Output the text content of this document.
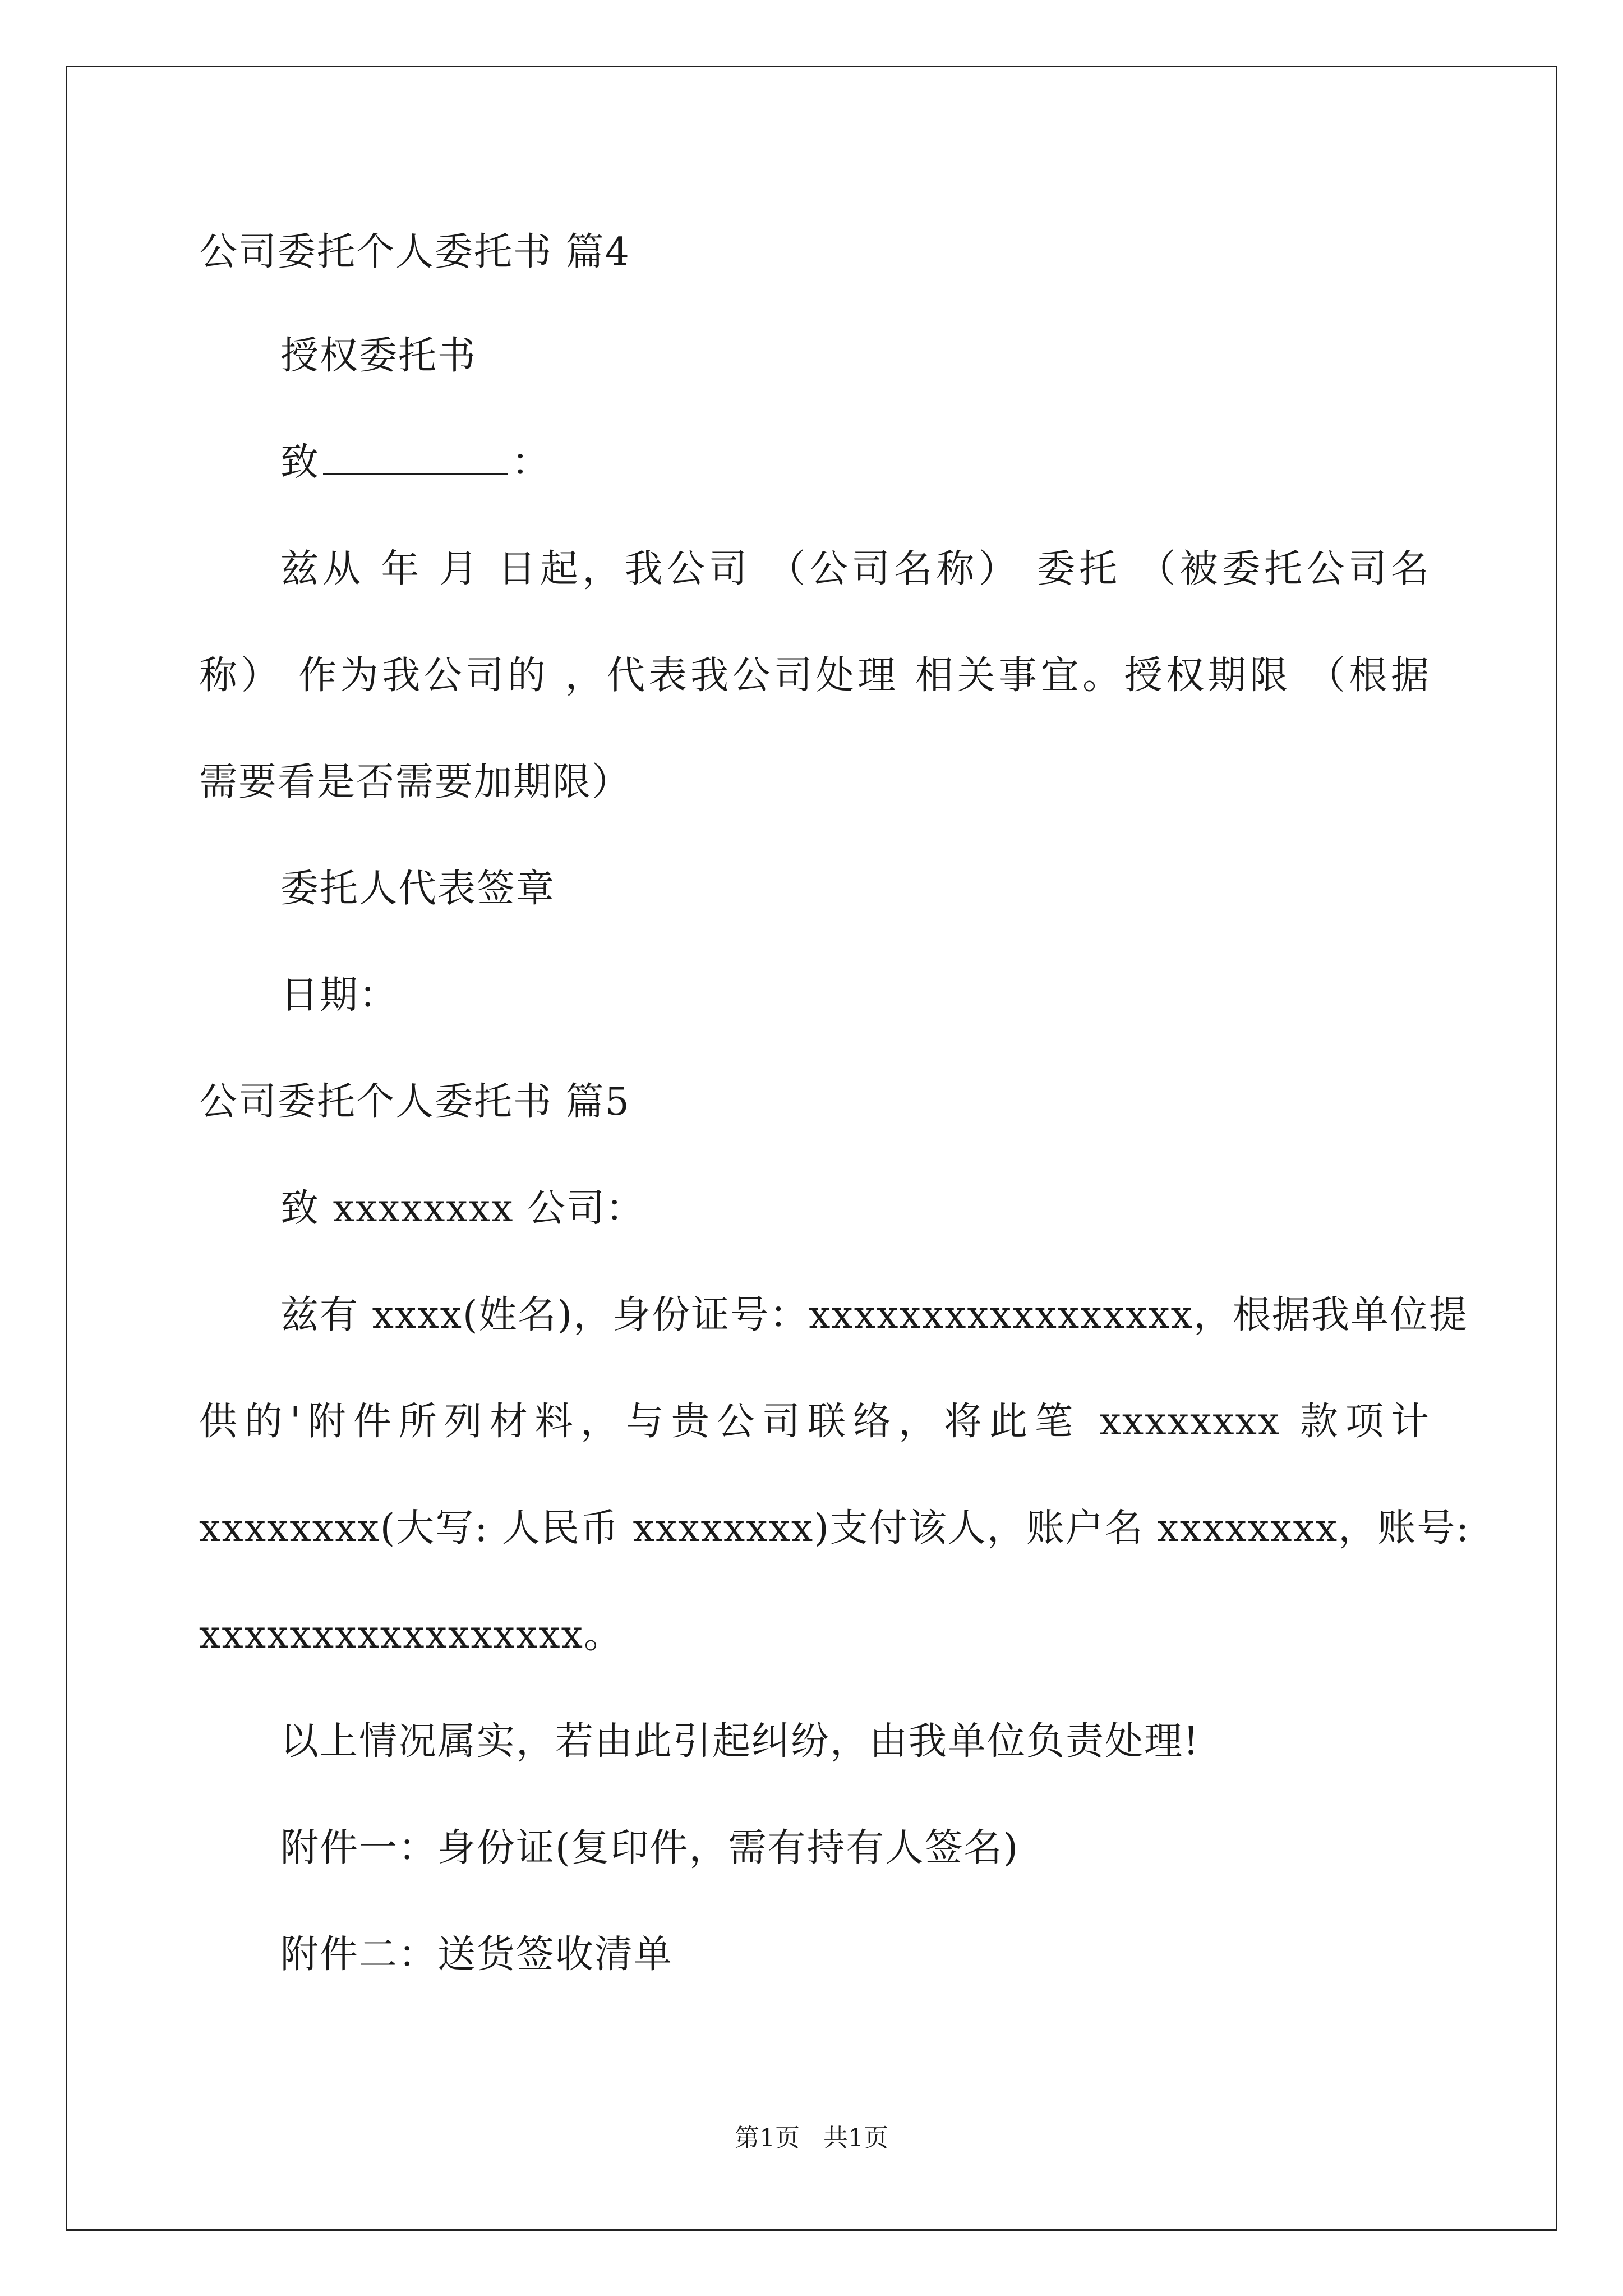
公司委托个人委托书 篇4
授权委托书
致	：
兹从 年 月 日起，我公司 （公司名称） 委托 （被委托公司名
称） 作为我公司的 ，代表我公司处理 相关事宜。授权期限 （根据
需要看是否需要加期限）
委托人代表签章
日期：
公司委托个人委托书 篇5
致 xxxxxxxx 公司：
兹有 xxxx(姓名)，身份证号：xxxxxxxxxxxxxxxxx，根据我单位提
供的'附件所列材料，与贵公司联络，将此笔 xxxxxxxx 款项计
xxxxxxxx(大写: 人民币 xxxxxxxx)支付该人，账户名 xxxxxxxx，账号:
xxxxxxxxxxxxxxxxx。
以上情况属实，若由此引起纠纷，由我单位负责处理!
附件一：身份证(复印件，需有持有人签名)
附件二：送货签收清单
第1页   共1页
